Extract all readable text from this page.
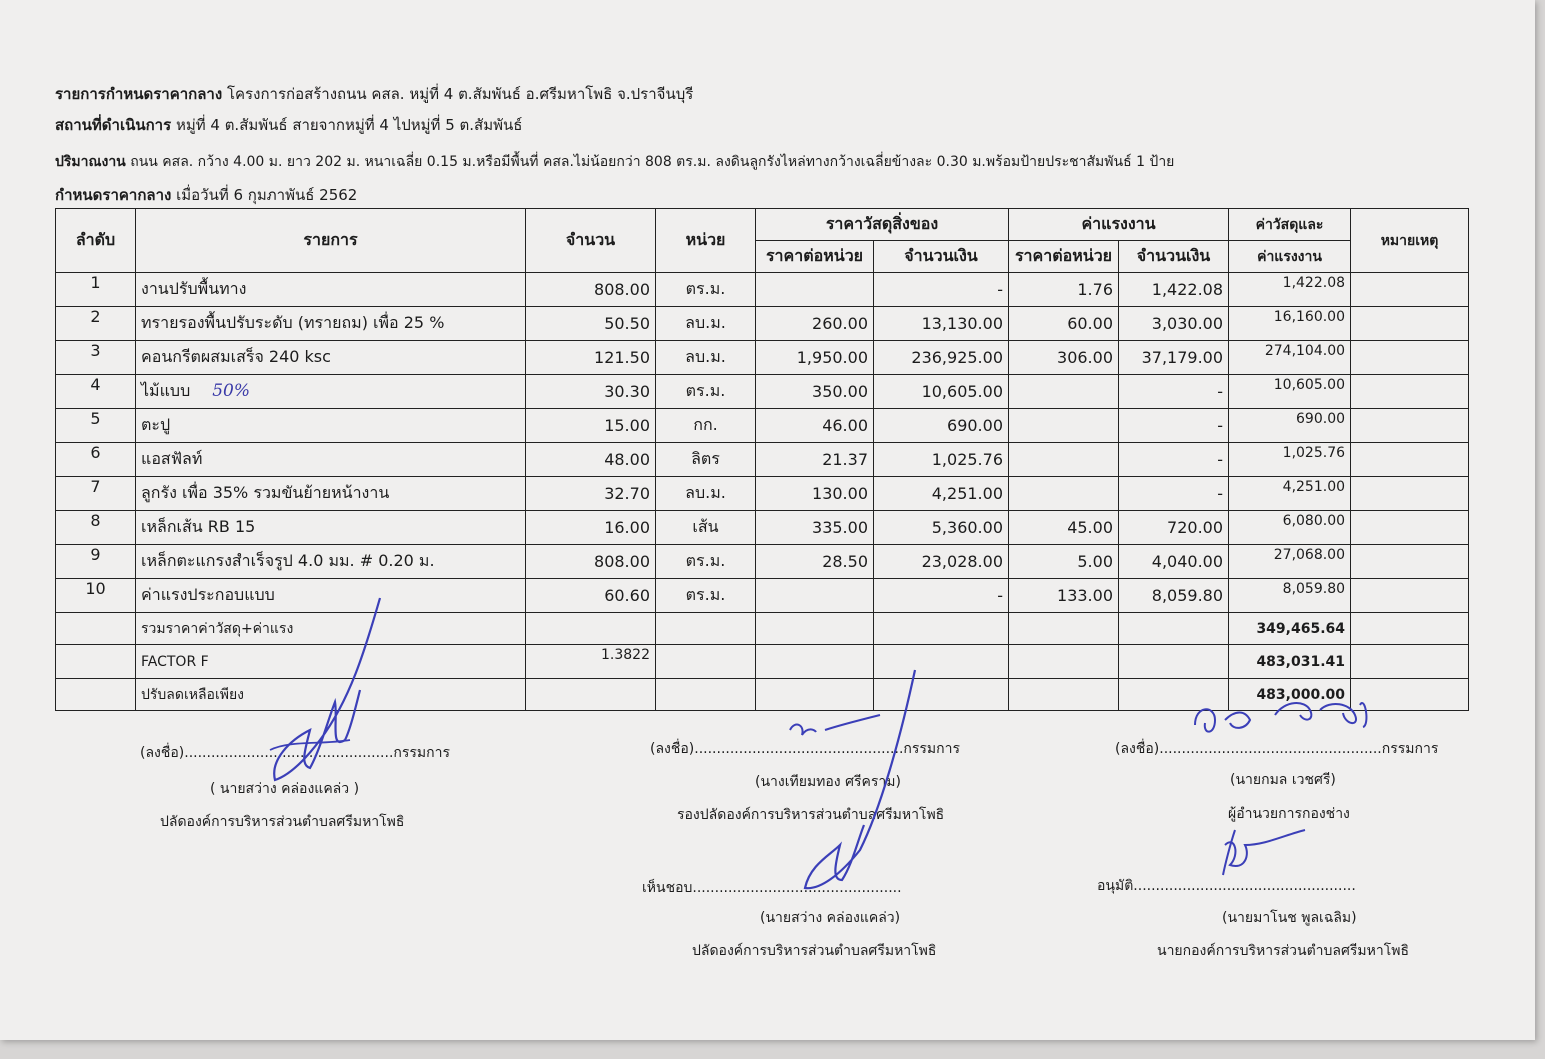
รายการกำหนดราคากลาง โครงการก่อสร้างถนน คสล. หมู่ที่ 4 ต.สัมพันธ์ อ.ศรีมหาโพธิ จ.ปราจีนบุรี
สถานที่ดำเนินการ หมู่ที่ 4 ต.สัมพันธ์ สายจากหมู่ที่ 4 ไปหมู่ที่ 5 ต.สัมพันธ์
ปริมาณงาน ถนน คสล. กว้าง 4.00 ม. ยาว 202 ม. หนาเฉลี่ย 0.15 ม.หรือมีพื้นที่ คสล.ไม่น้อยกว่า 808 ตร.ม. ลงดินลูกรังไหล่ทางกว้างเฉลี่ยข้างละ 0.30 ม.พร้อมป้ายประชาสัมพันธ์ 1 ป้าย
กำหนดราคากลาง เมื่อวันที่ 6 กุมภาพันธ์ 2562
ลำดับ	รายการ	จำนวน	หน่วย	ราคาวัสดุสิ่งของ		ค่าแรงงาน		ค่าวัสดุและ	หมายเหตุ
				ราคาต่อหน่วย	จำนวนเงิน	ราคาต่อหน่วย	จำนวนเงิน	ค่าแรงงาน	
1	งานปรับพื้นทาง	808.00	ตร.ม.		-	1.76	1,422.08	1,422.08	
2	ทรายรองพื้นปรับระดับ (ทรายถม) เพื่อ 25 %	50.50	ลบ.ม.	260.00	13,130.00	60.00	3,030.00	16,160.00	
3	คอนกรีตผสมเสร็จ 240 ksc	121.50	ลบ.ม.	1,950.00	236,925.00	306.00	37,179.00	274,104.00	
4	ไม้แบบ 50%	30.30	ตร.ม.	350.00	10,605.00		-	10,605.00	
5	ตะปู	15.00	กก.	46.00	690.00		-	690.00	
6	แอสฟัลท์	48.00	ลิตร	21.37	1,025.76		-	1,025.76	
7	ลูกรัง เพื่อ 35% รวมขันย้ายหน้างาน	32.70	ลบ.ม.	130.00	4,251.00		-	4,251.00	
8	เหล็กเส้น RB 15	16.00	เส้น	335.00	5,360.00	45.00	720.00	6,080.00	
9	เหล็กตะแกรงสำเร็จรูป 4.0 มม. # 0.20 ม.	808.00	ตร.ม.	28.50	23,028.00	5.00	4,040.00	27,068.00	
10	ค่าแรงประกอบแบบ	60.60	ตร.ม.		-	133.00	8,059.80	8,059.80	
	รวมราคาค่าวัสดุ+ค่าแรง							349,465.64	
	FACTOR F	1.3822						483,031.41	
	ปรับลดเหลือเพียง							483,000.00	
(ลงชื่อ)...............................................กรรมการ
( นายสว่าง คล่องแคล่ว )
ปลัดองค์การบริหารส่วนตำบลศรีมหาโพธิ
(ลงชื่อ)...............................................กรรมการ
(นางเทียมทอง ศรีคราม)
รองปลัดองค์การบริหารส่วนตำบลศรีมหาโพธิ
(ลงชื่อ)..................................................กรรมการ
(นายกมล เวชศรี)
ผู้อำนวยการกองช่าง
เห็นชอบ...............................................
(นายสว่าง คล่องแคล่ว)
ปลัดองค์การบริหารส่วนตำบลศรีมหาโพธิ
อนุมัติ..................................................
(นายมาโนช พูลเฉลิม)
นายกองค์การบริหารส่วนตำบลศรีมหาโพธิ
